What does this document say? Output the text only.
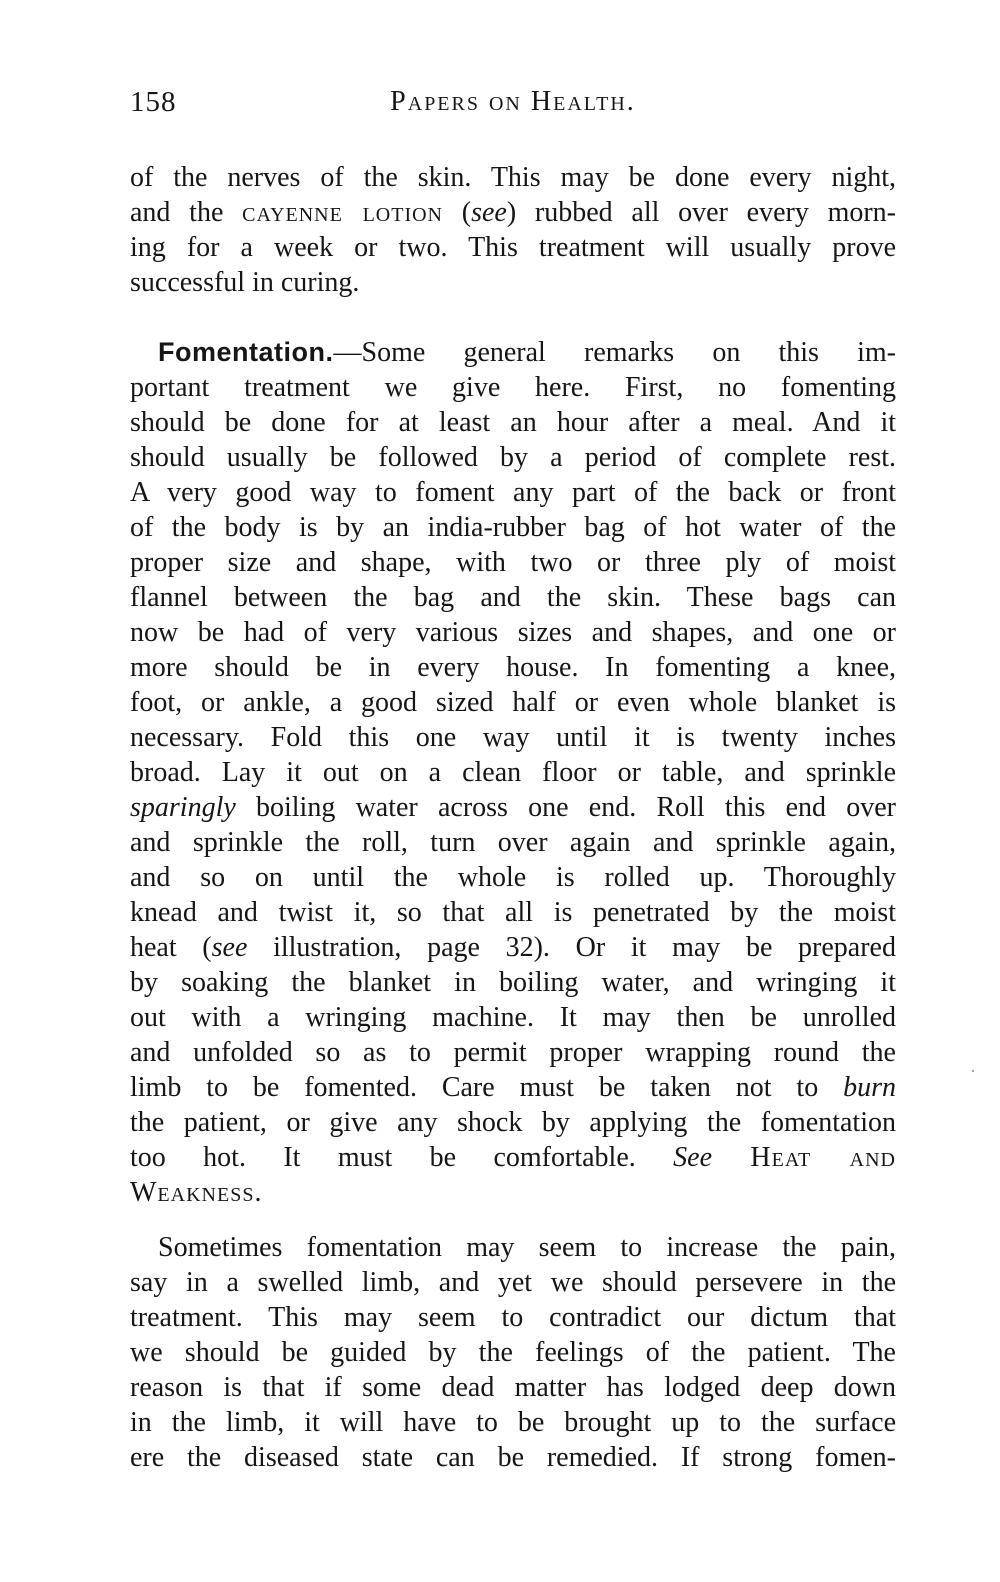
158	Papers on Health.
of the nerves of the skin. This may be done every night,
and the cayenne lotion (see) rubbed all over every morn-
ing for a week or two. This treatment will usually prove
successful in curing.
Fomentation.—Some general remarks on this im-
portant treatment we give here. First, no fomenting
should be done for at least an hour after a meal. And it
should usually be followed by a period of complete rest.
A very good way to foment any part of the back or front
of the body is by an india-rubber bag of hot water of the
proper size and shape, with two or three ply of moist
flannel between the bag and the skin. These bags can
now be had of very various sizes and shapes, and one or
more should be in every house. In fomenting a knee,
foot, or ankle, a good sized half or even whole blanket is
necessary. Fold this one way until it is twenty inches
broad. Lay it out on a clean floor or table, and sprinkle
sparingly boiling water across one end. Roll this end over
and sprinkle the roll, turn over again and sprinkle again,
and so on until the whole is rolled up. Thoroughly
knead and twist it, so that all is penetrated by the moist
heat (see illustration, page 32). Or it may be prepared
by soaking the blanket in boiling water, and wringing it
out with a wringing machine. It may then be unrolled
and unfolded so as to permit proper wrapping round the
limb to be fomented. Care must be taken not to burn
the patient, or give any shock by applying the fomentation
too hot. It must be comfortable. See Heat and
Weakness.
Sometimes fomentation may seem to increase the pain,
say in a swelled limb, and yet we should persevere in the
treatment. This may seem to contradict our dictum that
we should be guided by the feelings of the patient. The
reason is that if some dead matter has lodged deep down
in the limb, it will have to be brought up to the surface
ere the diseased state can be remedied. If strong fomen-
